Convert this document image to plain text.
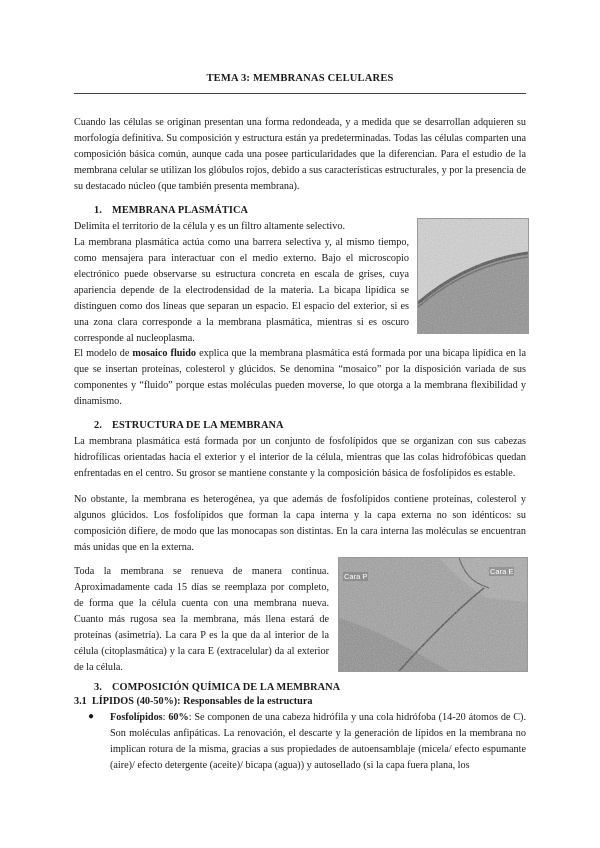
TEMA 3: MEMBRANAS CELULARES

Cuando las células se originan presentan una forma redondeada, y a medida que se desarrollan adquieren su morfología definitiva. Su composición y estructura están ya predeterminadas. Todas las células comparten una composición básica común, aunque cada una posee particularidades que la diferencian. Para el estudio de la membrana celular se utilizan los glóbulos rojos, debido a sus características estructurales, y por la presencia de su destacado núcleo (que también presenta membrana).

1. MEMBRANA PLASMÁTICA

Delimita el territorio de la célula y es un filtro altamente selectivo.

La membrana plasmática actúa como una barrera selectiva y, al mismo tiempo, como mensajera para interactuar con el medio externo. Bajo el microscopio electrónico puede observarse su estructura concreta en escala de grises, cuya apariencia depende de la electrodensidad de la materia. La bicapa lipídica se distinguen como dos líneas que separan un espacio. El espacio del exterior, si es una zona clara corresponde a la membrana plasmática, mientras si es oscuro corresponde al nucleoplasma.

El modelo de mosaico fluido explica que la membrana plasmática está formada por una bicapa lipídica en la que se insertan proteínas, colesterol y glúcidos. Se denomina “mosaico” por la disposición variada de sus componentes y “fluido” porque estas moléculas pueden moverse, lo que otorga a la membrana flexibilidad y dinamismo.

2. ESTRUCTURA DE LA MEMBRANA

La membrana plasmática está formada por un conjunto de fosfolípidos que se organizan con sus cabezas hidrofílicas orientadas hacia el exterior y el interior de la célula, mientras que las colas hidrofóbicas quedan enfrentadas en el centro. Su grosor se mantiene constante y la composición básica de fosfolípidos es estable.

No obstante, la membrana es heterogénea, ya que además de fosfolípidos contiene proteínas, colesterol y algunos glúcidos. Los fosfolípidos que forman la capa interna y la capa externa no son idénticos: su composición difiere, de modo que las monocapas son distintas. En la cara interna las moléculas se encuentran más unidas que en la externa.

Toda la membrana se renueva de manera continua. Aproximadamente cada 15 días se reemplaza por completo, de forma que la célula cuenta con una membrana nueva. Cuanto más rugosa sea la membrana, más llena estará de proteínas (asimetría). La cara P es la que da al interior de la célula (citoplasmática) y la cara E (extracelular) da al exterior de la célula.

Cara P
Cara E
3. COMPOSICIÓN QUÍMICA DE LA MEMBRANA
3.1 LÍPIDOS (40-50%): Responsables de la estructura
● Fosfolípidos: 60%: Se componen de una cabeza hidrófila y una cola hidrófoba (14-20 átomos de C). Son moléculas anfipáticas. La renovación, el descarte y la generación de lípidos en la membrana no implican rotura de la misma, gracias a sus propiedades de autoensamblaje (micela/ efecto espumante (aire)/ efecto detergente (aceite)/ bicapa (agua)) y autosellado (si la capa fuera plana, los
